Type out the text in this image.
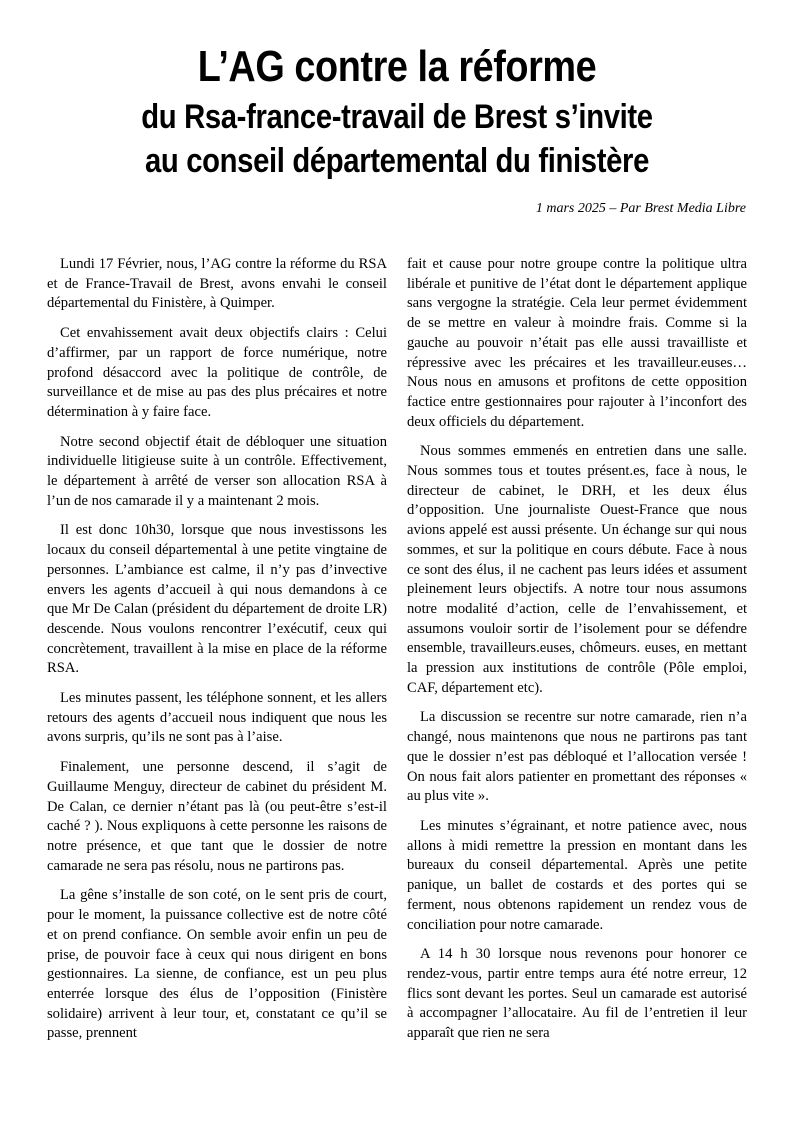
L’AG contre la réforme
du Rsa-france-travail de Brest s’invite
au conseil départemental du finistère
1 mars 2025 – Par Brest Media Libre

Lundi 17 Février, nous, l’AG contre la réforme du RSA et de France-Travail de Brest, avons envahi le conseil départemental du Finistère, à Quimper.

Cet envahissement avait deux objectifs clairs : Celui d’affirmer, par un rapport de force numérique, notre profond désaccord avec la politique de contrôle, de surveillance et de mise au pas des plus précaires et notre détermination à y faire face.

Notre second objectif était de débloquer une situation individuelle litigieuse suite à un contrôle. Effectivement, le département à arrêté de verser son allocation RSA à l’un de nos camarade il y a maintenant 2 mois.

Il est donc 10h30, lorsque que nous investissons les locaux du conseil départemental à une petite vingtaine de personnes. L’ambiance est calme, il n’y pas d’invective envers les agents d’accueil à qui nous demandons à ce que Mr De Calan (président du département de droite LR) descende. Nous voulons rencontrer l’exécutif, ceux qui concrètement, travaillent à la mise en place de la réforme RSA.

Les minutes passent, les téléphone sonnent, et les allers retours des agents d’accueil nous indiquent que nous les avons surpris, qu’ils ne sont pas à l’aise.

Finalement, une personne descend, il s’agit de Guillaume Menguy, directeur de cabinet du président M. De Calan, ce dernier n’étant pas là (ou peut-être s’est-il caché ? ). Nous expliquons à cette personne les raisons de notre présence, et que tant que le dossier de notre camarade ne sera pas résolu, nous ne partirons pas.

La gêne s’installe de son coté, on le sent pris de court, pour le moment, la puissance collective est de notre côté et on prend confiance. On semble avoir enfin un peu de prise, de pouvoir face à ceux qui nous dirigent en bons gestionnaires. La sienne, de confiance, est un peu plus enterrée lorsque des élus de l’opposition (Finistère solidaire) arrivent à leur tour, et, constatant ce qu’il se passe, prennent

fait et cause pour notre groupe contre la politique ultra libérale et punitive de l’état dont le département applique sans vergogne la stratégie. Cela leur permet évidemment de se mettre en valeur à moindre frais. Comme si la gauche au pouvoir n’était pas elle aussi travailliste et répressive avec les précaires et les travailleur.euses… Nous nous en amusons et profitons de cette opposition factice entre gestionnaires pour rajouter à l’inconfort des deux officiels du département.

Nous sommes emmenés en entretien dans une salle. Nous sommes tous et toutes présent.es, face à nous, le directeur de cabinet, le DRH, et les deux élus d’opposition. Une journaliste Ouest-France que nous avions appelé est aussi présente. Un échange sur qui nous sommes, et sur la politique en cours débute. Face à nous ce sont des élus, il ne cachent pas leurs idées et assument pleinement leurs objectifs. A notre tour nous assumons notre modalité d’action, celle de l’envahissement, et assumons vouloir sortir de l’isolement pour se défendre ensemble, travailleurs.euses, chômeurs. euses, en mettant la pression aux institutions de contrôle (Pôle emploi, CAF, département etc).

La discussion se recentre sur notre camarade, rien n’a changé, nous maintenons que nous ne partirons pas tant que le dossier n’est pas débloqué et l’allocation versée ! On nous fait alors patienter en promettant des réponses « au plus vite ».

Les minutes s’égrainant, et notre patience avec, nous allons à midi remettre la pression en montant dans les bureaux du conseil départemental. Après une petite panique, un ballet de costards et des portes qui se ferment, nous obtenons rapidement un rendez vous de conciliation pour notre camarade.

A 14 h 30 lorsque nous revenons pour honorer ce rendez-vous, partir entre temps aura été notre erreur, 12 flics sont devant les portes. Seul un camarade est autorisé à accompagner l’allocataire. Au fil de l’entretien il leur apparaît que rien ne sera
